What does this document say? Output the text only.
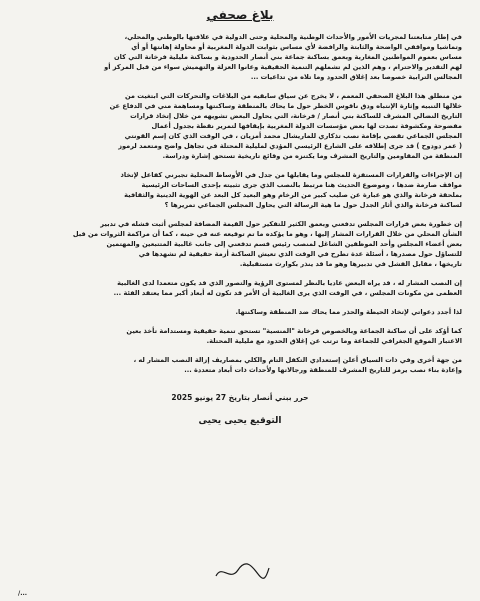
بلاغ صحفي
في إطار متابعتنا لمجريات الأمور والأحداث الوطنية والمحلية وحتى الدولية في علاقتها بالوطني والمحلي،
وتماشيا ومواقفي الواضحة والثابتة والرافضة لأي مساس بثوابت الدولة المغربية أو محاولة إهانتها أو أي
مساس بعموم المواطنين المغاربة وبعمق بساكنة جماعة بني أنصار الحدودية و بساكنة مليلية فرخانة التي كان
لهم التقدير والاحترام ، وهم الذين لم تشملهم التنمية الحقيقية وعانوا العزلة والتهميش سواء من قبل المركز أو
المجالس الترابية خصوصا بعد إغلاق الحدود وما تلاه من تداعيات ...
من منطلق هذا البلاغ الصحفي المعمم ، لا يخرج عن سياق سابقيه من البلاغات والتحركات التي ابتغيت من
خلالها التنبيه وإثارة الإنتباه ودق ناقوس الخطر حول ما يحاك بالمنطقة وساكنتها ومساهمة مني في الدفاع عن
التاريخ النضالي المشرف للساكنة بني أنصار / فرخانة، التي يحاول البعض تشويهه من خلال إتخاذ قرارات
مفضوحة ومكشوفة تصدت لها بعض مؤسسات الدولة المغربية بإيقافها لتمرير نقطة بجدول أعمال
المجلس الجماعي تقضي بإقامة نصب تذكاري للماريشال محمد أمزيان ، في الوقت الذي كان إسم القونتي
( عمر دودوح ) قد جرى إطلاقه على الشارع الرئيسي المؤدي لمليلية المحتلة في تجاهل واضح ومتعمد لرموز
المنطقة من المقاومين والتاريخ المشرف وما يكتنزه من وقائع تاريخية تستحق إشارة ودراسة.
إن الإجراءات والقرارات المستفزة للمجلس وما يقابلها من جدل في الأوساط المحلية تجبرني كفاعل لإتخاذ
مواقف صارمة ضدها ، وموضوع الحديث هنا مرتبط بالنصب الذي جرى تثبيته بإحدى الساحات الرئيسية
بملحقة فرخانة والذي هو عبارة عن صليب كبير من الرخام وهو البعيد كل البعد عن الهوية الدينية والثقافية
لساكنة فرخانة والذي أثار الجدل حول ما هية الرسالة التي يحاول المجلس الجماعي تمريرها ؟
إن خطورة بعض قرارات المجلس تدفعني وبعمق الكثير للتفكير حول القيمة المضافة لمجلس أثبت فشله في تدبير
الشأن المحلي من خلال القرارات المشار إليها ، وهو ما يؤكده ما تم توقيعه عنه في حينه ، كما أن مراكمة الثروات من قبل
بعض أعضاء المجلس وأحد الموظفين الشاغل لمنصب رئيس قسم تدفعني إلى جانب غالبية المتتبعين والمهتمين
للتساؤل حول مصدرها ، أسئلة عدة تطرح في الوقت الذي تعيش الساكنة أزمة حقيقية لم تشهدها في
تاريخها ، مقابل الفشل في تدبيرها وهو ما قد ينذر بكوارث مستقبلية.
إن النصب المشار له ، قد يراه البعض عاديا بالنظر لمستوى الرؤية والتصور الذي قد يكون متعمدا لدى الغالبية
العظمى من مكونات المجلس ، في الوقت الذي يرى الغالبية أن الأمر قد تكون له أبعاد أكبر مما يعتقد الفئة ...
لذا أجدد دعواتي لإتخاذ الحيطة والحذر مما يحاك ضد المنطقة وساكنتها.
كما أؤكد على أن ساكنة الجماعة وبالخصوص فرخانة "المنسية" تستحق تنمية حقيقية ومستدامة تأخذ بعين
الاعتبار الموقع الجغرافي للجماعة وما ترتب عن إغلاق الحدود مع مليلية المحتلة.
من جهة أخرى وفي ذات السياق أعلن إستعدادي التكفل التام والكلي بمصاريف إزالة النصب المشار له ،
وإعادة بناء نصب يرمز للتاريخ المشرف للمنطقة ورجالاتها ولأحداث ذات أبعاد متعددة ...
حرر ببني أنصار بتاريخ 27 يونيو 2025
التوقيع يحيى يحيى
/...
